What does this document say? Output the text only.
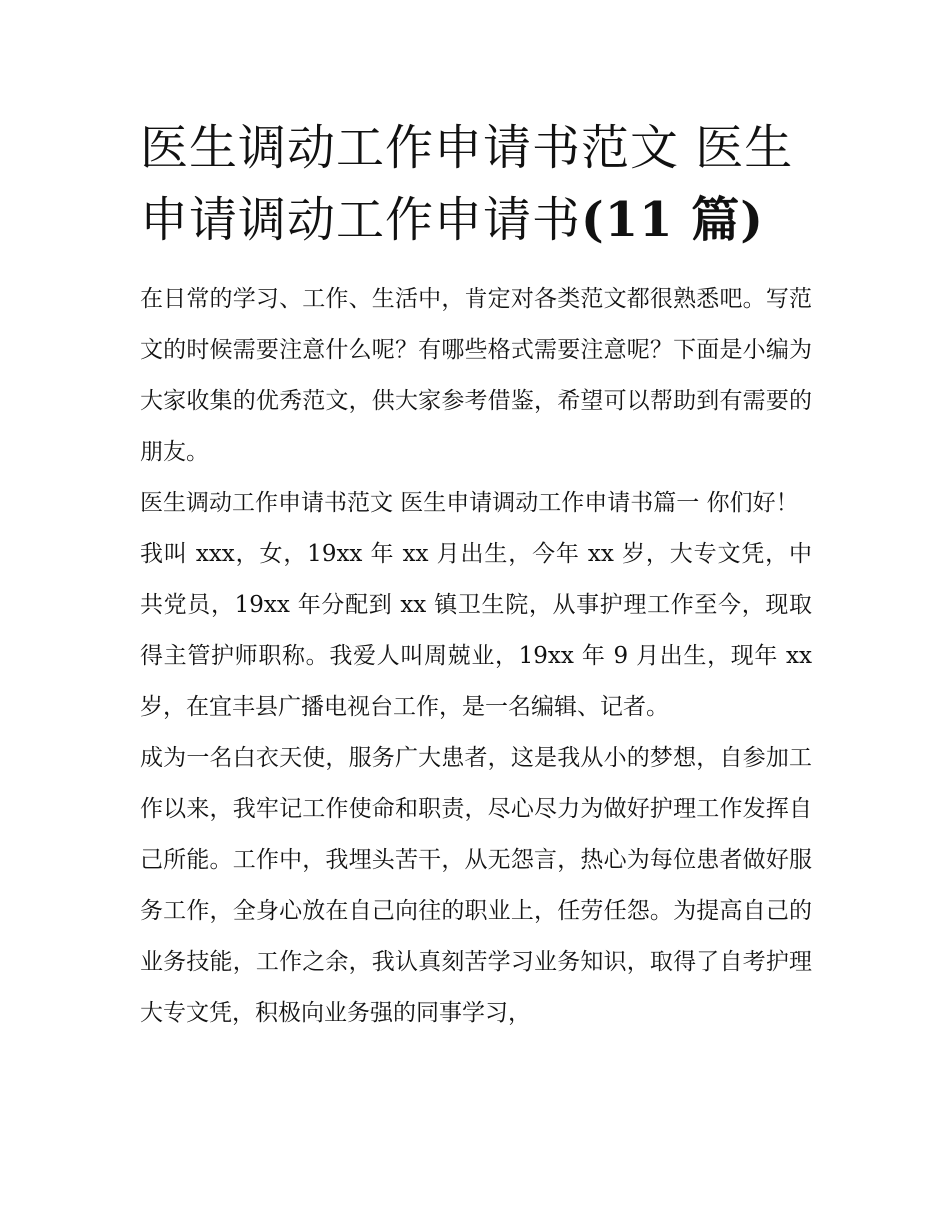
医生调动工作申请书范文 医生申请调动工作申请书(11 篇)

在日常的学习、工作、生活中，肯定对各类范文都很熟悉吧。写范文的时候需要注意什么呢？有哪些格式需要注意呢？下面是小编为大家收集的优秀范文，供大家参考借鉴，希望可以帮助到有需要的朋友。

医生调动工作申请书范文 医生申请调动工作申请书篇一 你们好！

我叫 xxx，女，19xx 年 xx 月出生，今年 xx 岁，大专文凭，中共党员，19xx 年分配到 xx 镇卫生院，从事护理工作至今，现取得主管护师职称。我爱人叫周兢业，19xx 年 9 月出生，现年 xx 岁，在宜丰县广播电视台工作，是一名编辑、记者。

成为一名白衣天使，服务广大患者，这是我从小的梦想，自参加工作以来，我牢记工作使命和职责，尽心尽力为做好护理工作发挥自己所能。工作中，我埋头苦干，从无怨言，热心为每位患者做好服务工作，全身心放在自己向往的职业上，任劳任怨。为提高自己的业务技能，工作之余，我认真刻苦学习业务知识，取得了自考护理大专文凭，积极向业务强的同事学习，
